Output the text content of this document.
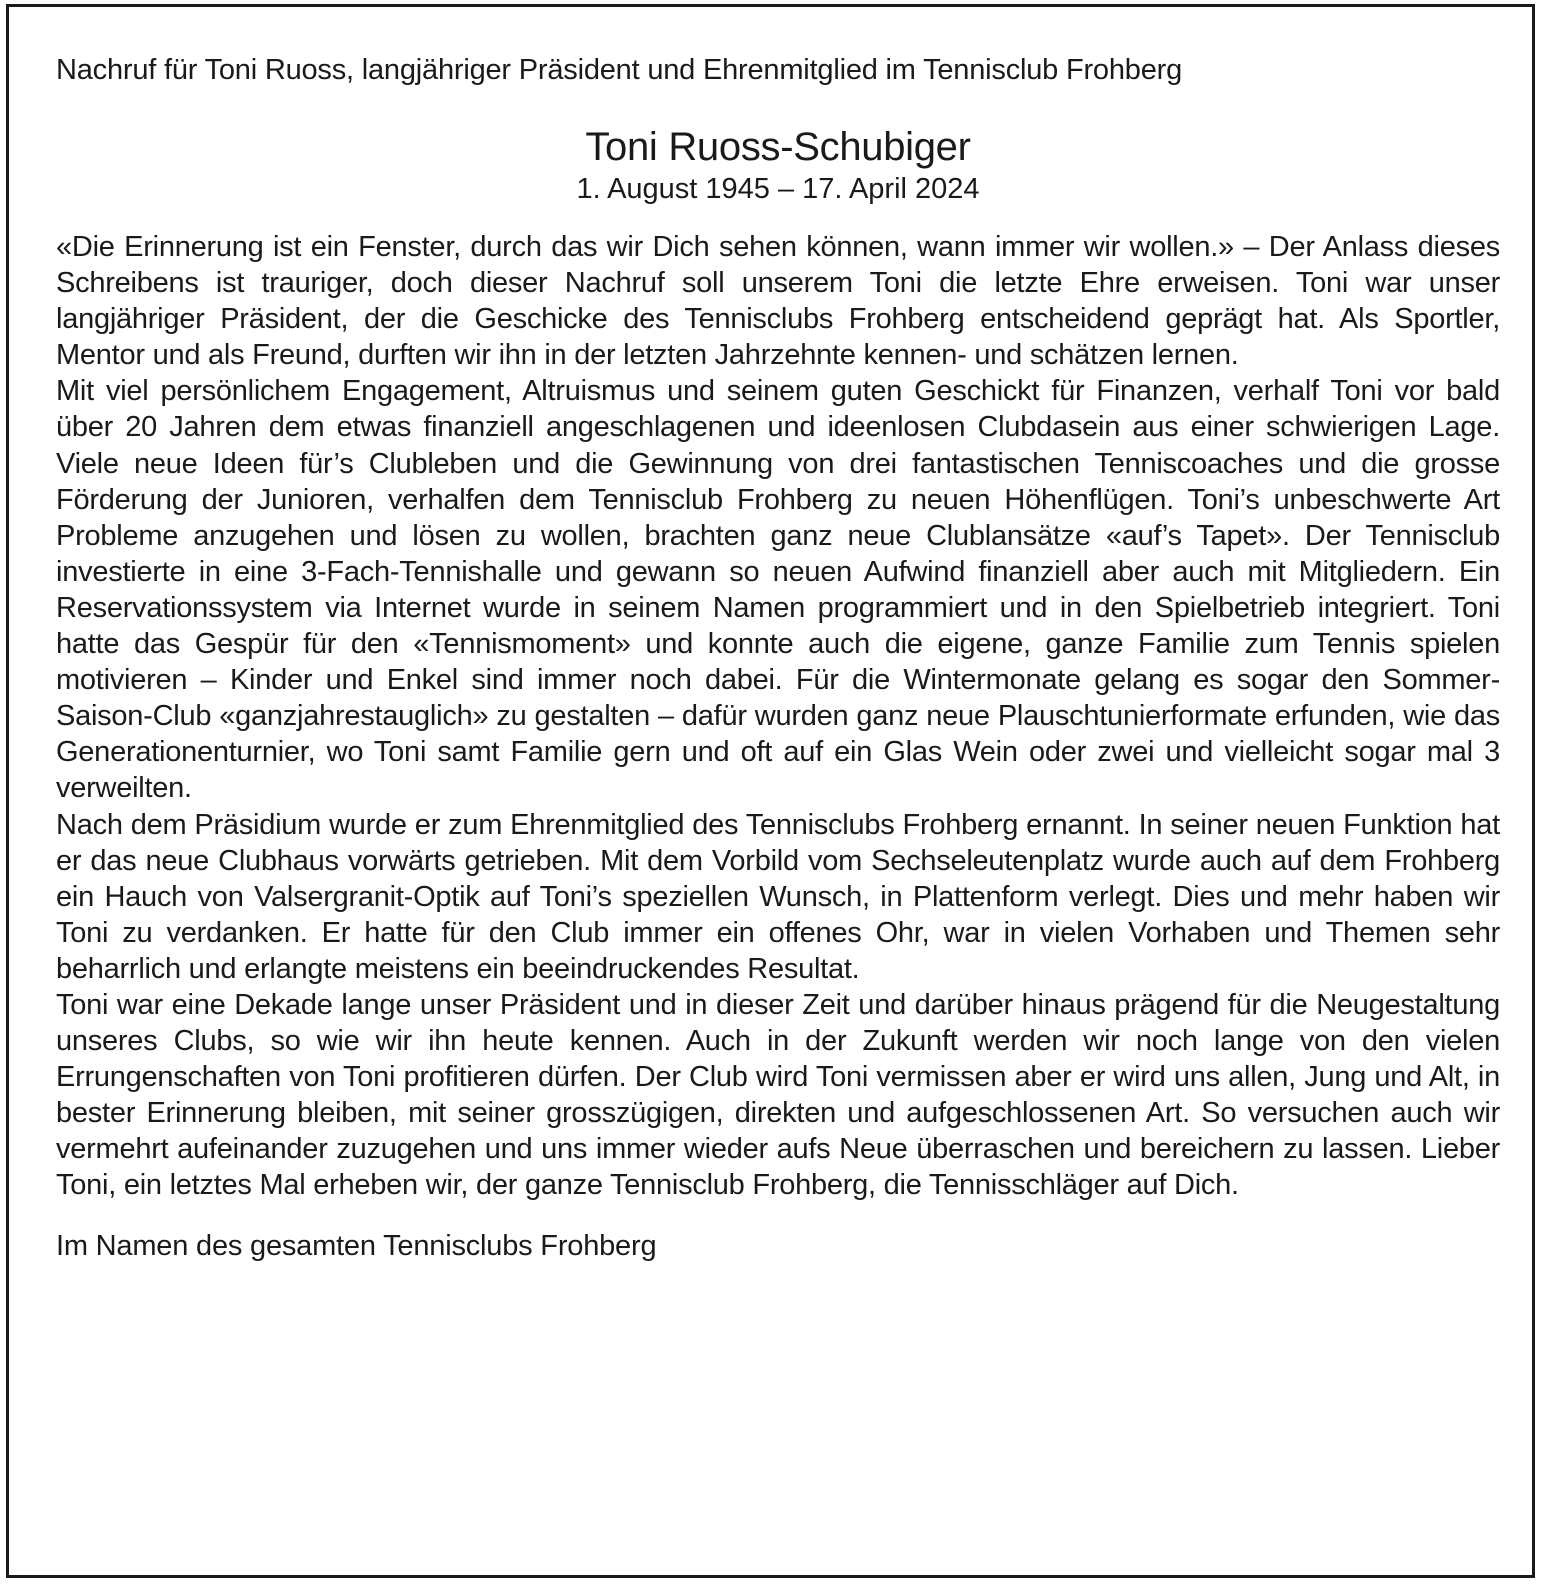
Nachruf für Toni Ruoss, langjähriger Präsident und Ehrenmitglied im Tennisclub Frohberg

Toni Ruoss-Schubiger

1. August 1945 – 17. April 2024

«Die Erinnerung ist ein Fenster, durch das wir Dich sehen können, wann immer wir wollen.» – Der Anlass dieses Schreibens ist trauriger, doch dieser Nachruf soll unserem Toni die letzte Ehre erweisen. Toni war unser langjähriger Präsident, der die Geschicke des Tennisclubs Frohberg entscheidend geprägt hat. Als Sportler, Mentor und als Freund, durften wir ihn in der letzten Jahrzehnte kennen- und schätzen lernen.

Mit viel persönlichem Engagement, Altruismus und seinem guten Geschickt für Finanzen, verhalf Toni vor bald über 20 Jahren dem etwas finanziell angeschlagenen und ideenlosen Clubdasein aus einer schwierigen Lage. Viele neue Ideen für’s Clubleben und die Gewinnung von drei fantastischen Tenniscoaches und die grosse Förderung der Junioren, verhalfen dem Tennisclub Frohberg zu neuen Höhenflügen. Toni’s unbeschwerte Art Probleme anzugehen und lösen zu wollen, brachten ganz neue Clublansätze «auf’s Tapet». Der Tennisclub investierte in eine 3-Fach-Tennishalle und gewann so neuen Aufwind finanziell aber auch mit Mitgliedern. Ein Reservationssystem via Internet wurde in seinem Namen programmiert und in den Spielbetrieb integriert. Toni hatte das Gespür für den «Tennismoment» und konnte auch die eigene, ganze Familie zum Tennis spielen motivieren – Kinder und Enkel sind immer noch dabei. Für die Wintermonate gelang es sogar den Sommer-Saison-Club «ganzjahrestauglich» zu gestalten – dafür wurden ganz neue Plauschtunierformate erfunden, wie das Generationenturnier, wo Toni samt Familie gern und oft auf ein Glas Wein oder zwei und vielleicht sogar mal 3 verweilten.

Nach dem Präsidium wurde er zum Ehrenmitglied des Tennisclubs Frohberg ernannt. In seiner neuen Funktion hat er das neue Clubhaus vorwärts getrieben. Mit dem Vorbild vom Sechseleutenplatz wurde auch auf dem Frohberg ein Hauch von Valsergranit-Optik auf Toni’s speziellen Wunsch, in Plattenform verlegt. Dies und mehr haben wir Toni zu verdanken. Er hatte für den Club immer ein offenes Ohr, war in vielen Vorhaben und Themen sehr beharrlich und erlangte meistens ein beeindruckendes Resultat.

Toni war eine Dekade lange unser Präsident und in dieser Zeit und darüber hinaus prägend für die Neugestaltung unseres Clubs, so wie wir ihn heute kennen. Auch in der Zukunft werden wir noch lange von den vielen Errungenschaften von Toni profitieren dürfen. Der Club wird Toni vermissen aber er wird uns allen, Jung und Alt, in bester Erinnerung bleiben, mit seiner grosszügigen, direkten und aufgeschlossenen Art. So versuchen auch wir vermehrt aufeinander zuzugehen und uns immer wieder aufs Neue überraschen und bereichern zu lassen. Lieber Toni, ein letztes Mal erheben wir, der ganze Tennisclub Frohberg, die Tennisschläger auf Dich.

Im Namen des gesamten Tennisclubs Frohberg
